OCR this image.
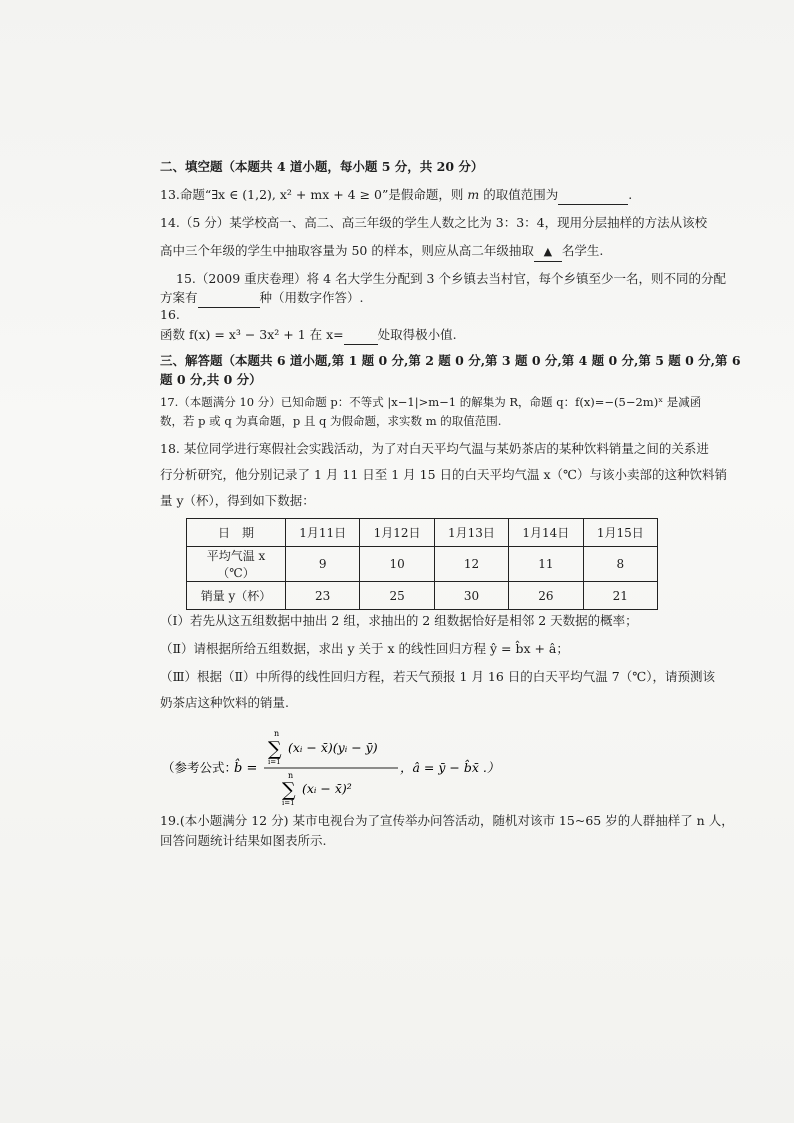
二、填空题（本题共 4 道小题，每小题 5 分，共 20 分）
13.命题“∃x ∈ (1,2), x² + mx + 4 ≥ 0”是假命题，则 m 的取值范围为	.
14.（5 分）某学校高一、高二、高三年级的学生人数之比为 3：3：4，现用分层抽样的方法从该校
高中三个年级的学生中抽取容量为 50 的样本，则应从高二年级抽取 ▲ 名学生.
15.（2009 重庆卷理）将 4 名大学生分配到 3 个乡镇去当村官，每个乡镇至少一名，则不同的分配
方案有	种（用数字作答）.
16.
函数 f(x) = x³ − 3x² + 1 在 x=	处取得极小值.
三、解答题（本题共 6 道小题,第 1 题 0 分,第 2 题 0 分,第 3 题 0 分,第 4 题 0 分,第 5 题 0 分,第 6
题 0 分,共 0 分）
17.（本题满分 10 分）已知命题 p：不等式 |x−1|>m−1 的解集为 R，命题 q：f(x)=−(5−2m)ˣ 是减函
数，若 p 或 q 为真命题，p 且 q 为假命题，求实数 m 的取值范围.
18. 某位同学进行寒假社会实践活动，为了对白天平均气温与某奶茶店的某种饮料销量之间的关系进
行分析研究，他分别记录了 1 月 11 日至 1 月 15 日的白天平均气温 x（℃）与该小卖部的这种饮料销
量 y（杯），得到如下数据：
日　期	1月11日	1月12日	1月13日	1月14日	1月15日
平均气温 x（℃）	9	10	12	11	8
销量 y（杯）	23	25	30	26	21
（Ⅰ）若先从这五组数据中抽出 2 组，求抽出的 2 组数据恰好是相邻 2 天数据的概率；
（Ⅱ）请根据所给五组数据，求出 y 关于 x 的线性回归方程 ŷ = b̂x + â；
（Ⅲ）根据（Ⅱ）中所得的线性回归方程，若天气预报 1 月 16 日的白天平均气温 7（℃），请预测该
奶茶店这种饮料的销量.
（参考公式：
b̂ =
n
∑
i=1
(xᵢ − x̄)(yᵢ − ȳ)
n
∑
i=1
(xᵢ − x̄)²
，â = ȳ − b̂x̄ .）
19.(本小题满分 12 分) 某市电视台为了宣传举办问答活动，随机对该市 15~65 岁的人群抽样了 n 人，
回答问题统计结果如图表所示.
